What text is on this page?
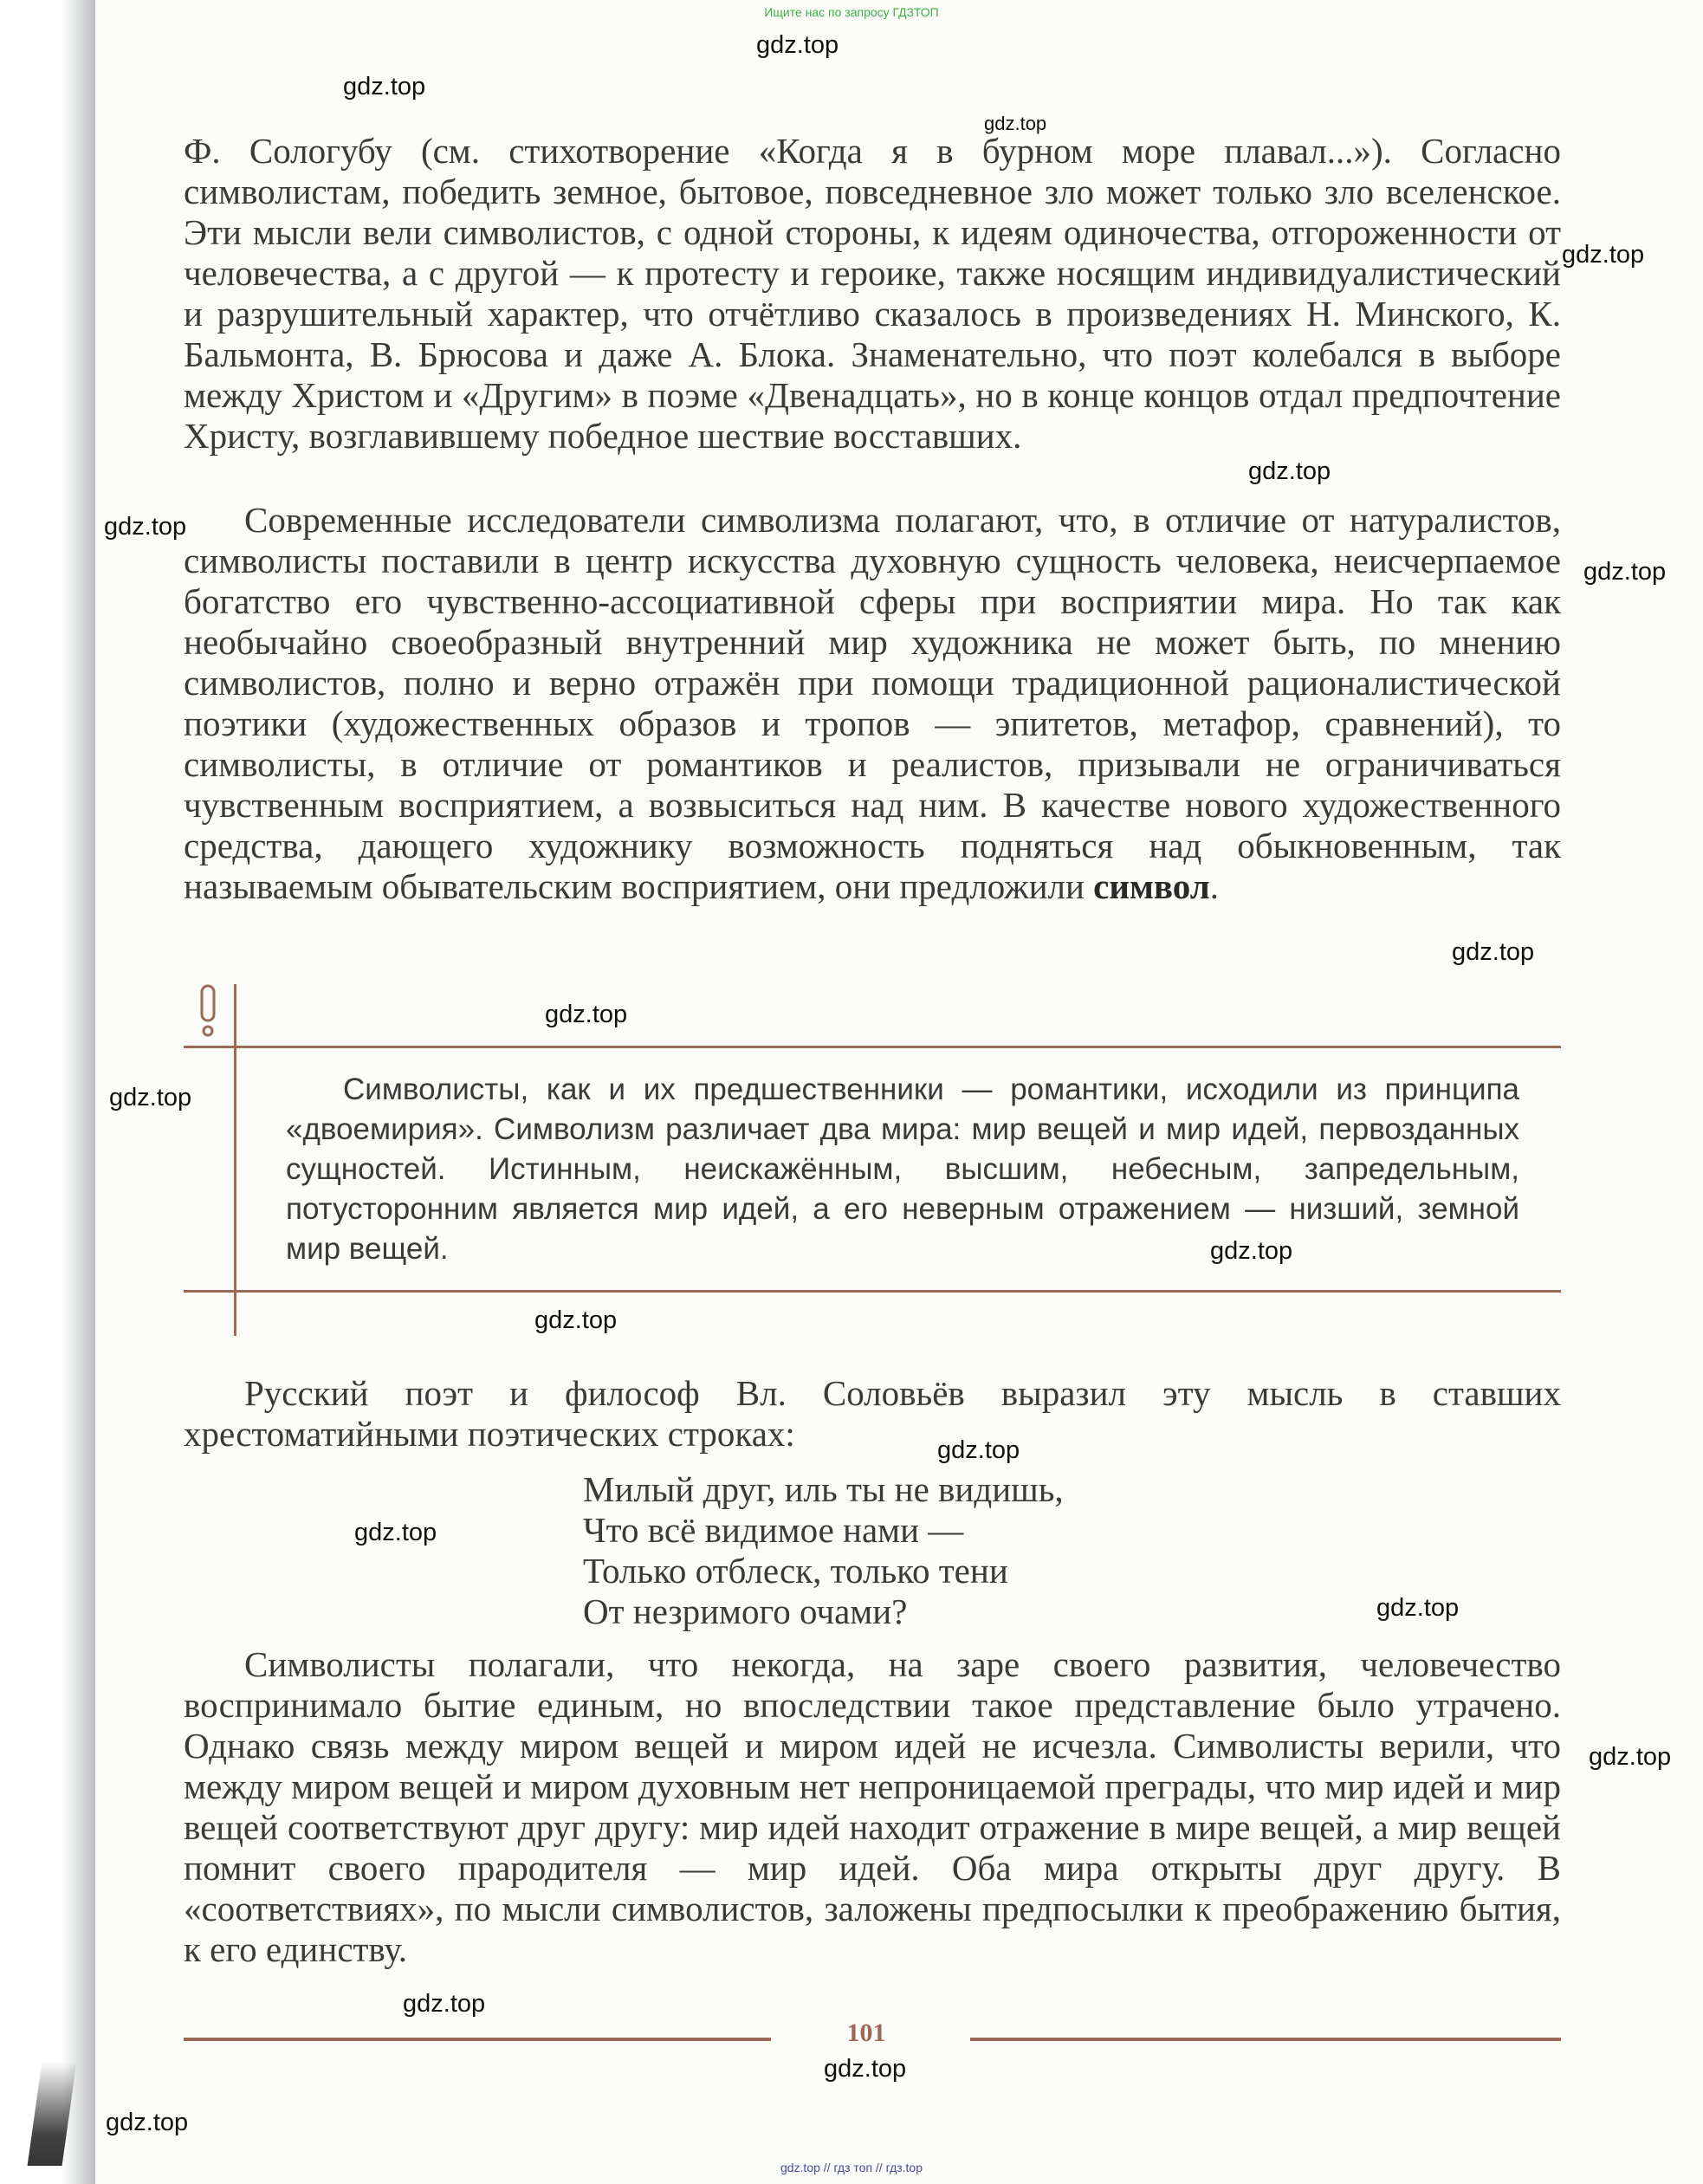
Ищите нас по запросу ГДЗТОП
gdz.top
gdz.top
gdz.top
gdz.top
gdz.top
gdz.top
gdz.top
gdz.top
gdz.top
gdz.top
gdz.top
gdz.top
gdz.top
gdz.top
gdz.top
gdz.top
gdz.top
gdz.top
gdz.top

Ф. Сологубу (см. стихотворение «Когда я в бурном море плавал...»). Согласно символистам, победить земное, бытовое, повседневное зло может только зло вселенское. Эти мысли вели символистов, с одной стороны, к идеям одиночества, отгороженности от человечества, а с другой — к протесту и героике, также носящим индивидуалистический и разрушительный характер, что отчётливо сказалось в произведениях Н. Минского, К. Бальмонта, В. Брюсова и даже А. Блока. Знаменательно, что поэт колебался в выборе между Христом и «Другим» в поэме «Двенадцать», но в конце концов отдал предпочтение Христу, возглавившему победное шествие восставших.

Современные исследователи символизма полагают, что, в отличие от натуралистов, символисты поставили в центр искусства духовную сущность человека, неисчерпаемое богатство его чувственно-ассоциативной сферы при восприятии мира. Но так как необычайно своеобразный внутренний мир художника не может быть, по мнению символистов, полно и верно отражён при помощи традиционной рационалистической поэтики (художественных образов и тропов — эпитетов, метафор, сравнений), то символисты, в отличие от романтиков и реалистов, призывали не ограничиваться чувственным восприятием, а возвыситься над ним. В качестве нового художественного средства, дающего художнику возможность подняться над обыкновенным, так называемым обывательским восприятием, они предложили символ.

Символисты, как и их предшественники — романтики, исходили из принципа «двоемирия». Символизм различает два мира: мир вещей и мир идей, первозданных сущностей. Истинным, неискажённым, высшим, небесным, запредельным, потусторонним является мир идей, а его неверным отражением — низший, земной мир вещей.

Русский поэт и философ Вл. Соловьёв выразил эту мысль в ставших хрестоматийными поэтических строках:

Милый друг, иль ты не видишь,
Что всё видимое нами —
Только отблеск, только тени
От незримого очами?

Символисты полагали, что некогда, на заре своего развития, человечество воспринимало бытие единым, но впоследствии такое представление было утрачено. Однако связь между миром вещей и миром идей не исчезла. Символисты верили, что между миром вещей и миром духовным нет непроницаемой преграды, что мир идей и мир вещей соответствуют друг другу: мир идей находит отражение в мире вещей, а мир вещей помнит своего прародителя — мир идей. Оба мира открыты друг другу. В «соответствиях», по мысли символистов, заложены предпосылки к преображению бытия, к его единству.

101
gdz.top // гдз топ // гдз.top
